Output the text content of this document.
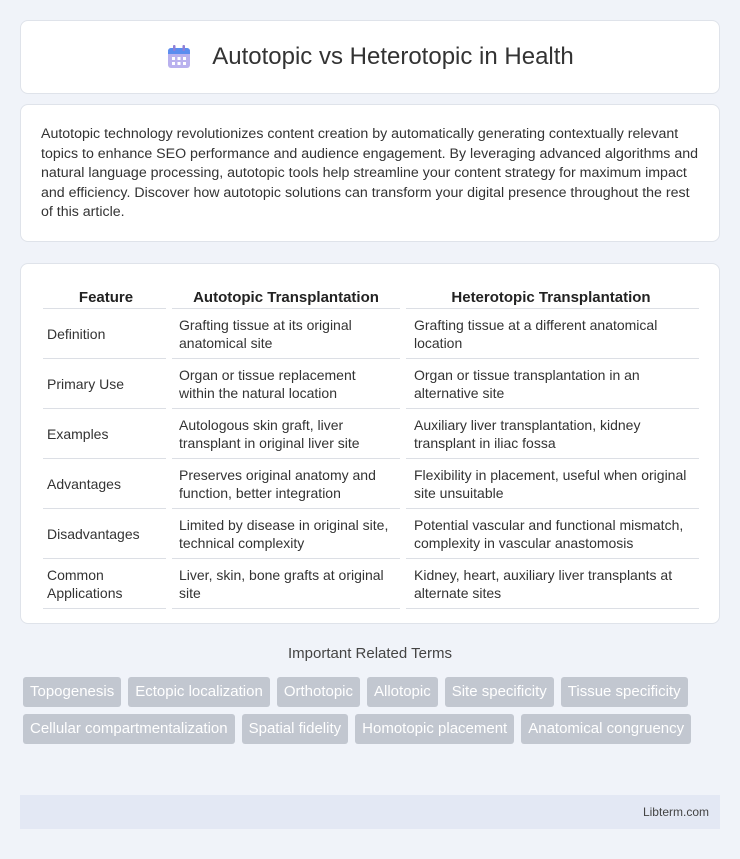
Autotopic vs Heterotopic in Health

Autotopic technology revolutionizes content creation by automatically generating contextually relevant topics to enhance SEO performance and audience engagement. By leveraging advanced algorithms and natural language processing, autotopic tools help streamline your content strategy for maximum impact and efficiency. Discover how autotopic solutions can transform your digital presence throughout the rest of this article.

Feature	Autotopic Transplantation	Heterotopic Transplantation
Definition	Grafting tissue at its original anatomical site	Grafting tissue at a different anatomical location
Primary Use	Organ or tissue replacement within the natural location	Organ or tissue transplantation in an alternative site
Examples	Autologous skin graft, liver transplant in original liver site	Auxiliary liver transplantation, kidney transplant in iliac fossa
Advantages	Preserves original anatomy and function, better integration	Flexibility in placement, useful when original site unsuitable
Disadvantages	Limited by disease in original site, technical complexity	Potential vascular and functional mismatch, complexity in vascular anastomosis
Common Applications	Liver, skin, bone grafts at original site	Kidney, heart, auxiliary liver transplants at alternate sites
Important Related Terms
Topogenesis	Ectopic localization	Orthotopic	Allotopic	Site specificity	Tissue specificity
Cellular compartmentalization	Spatial fidelity	Homotopic placement	Anatomical congruency
Libterm.com
